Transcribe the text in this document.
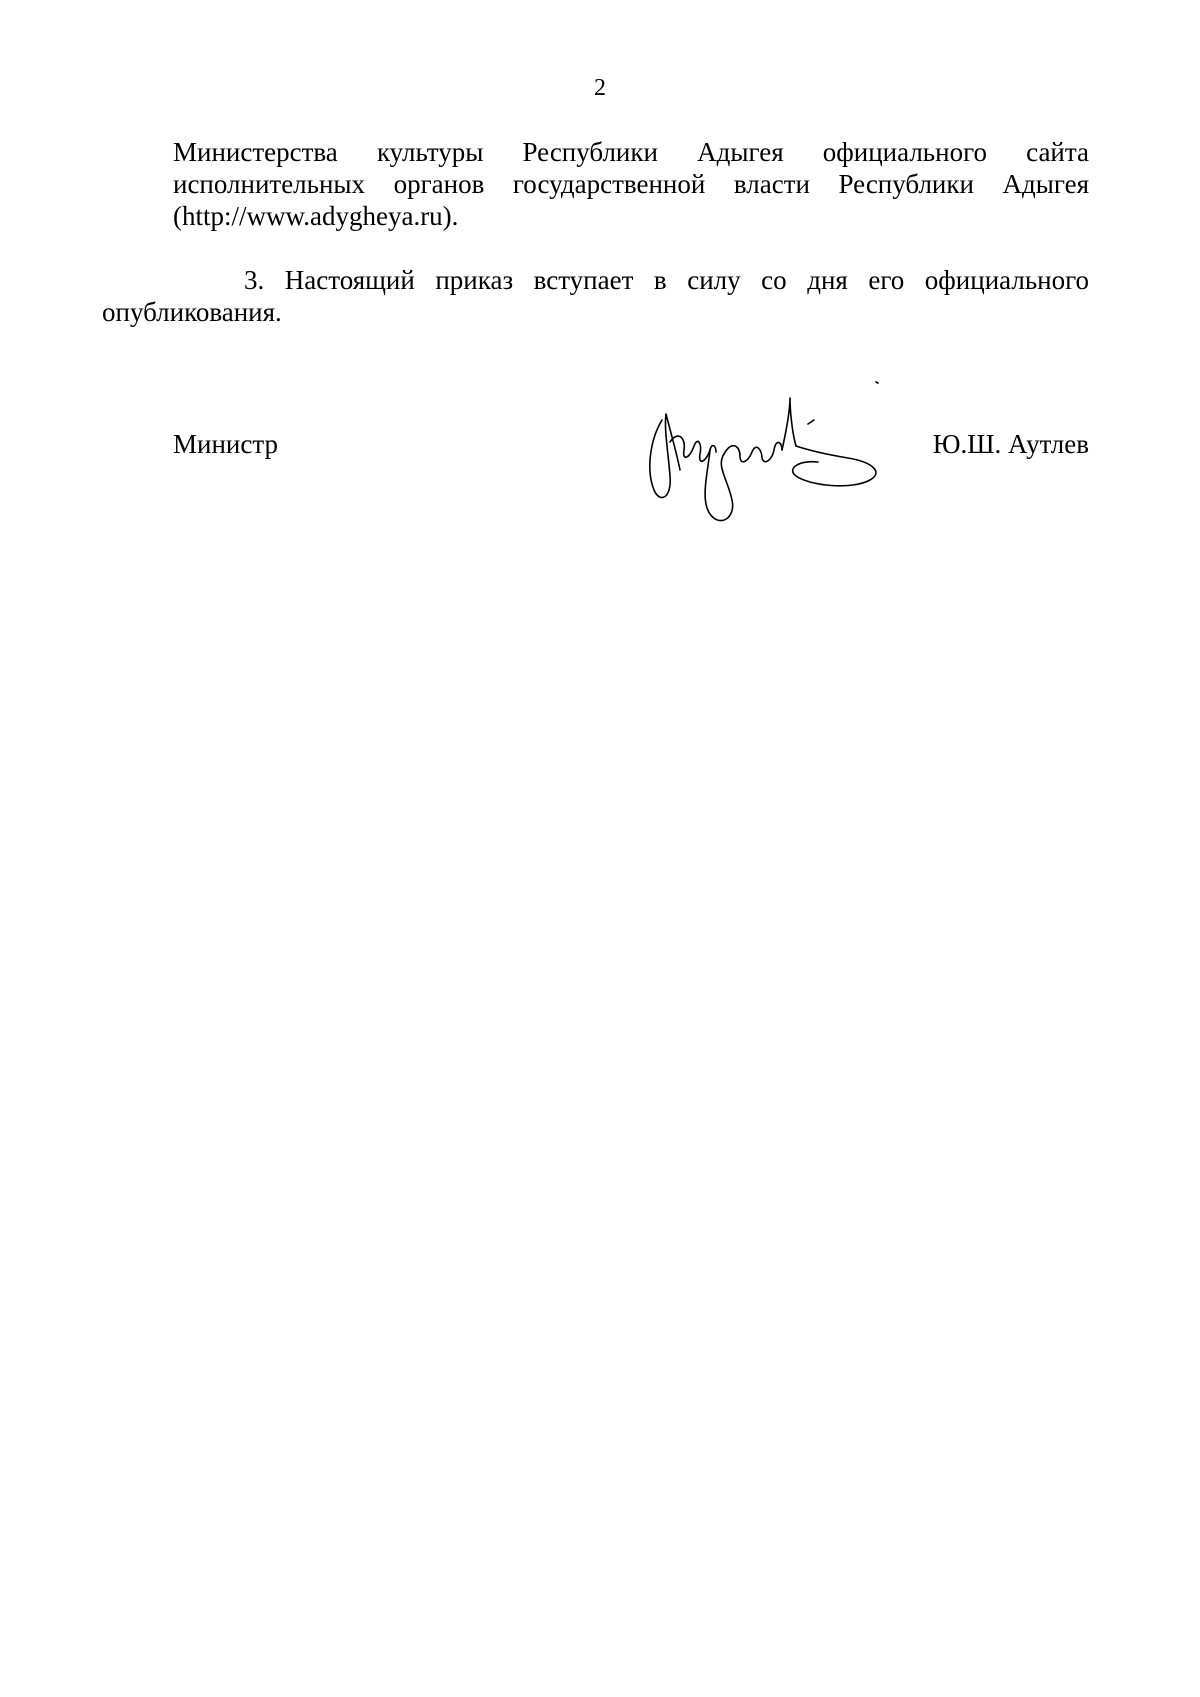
2
Министерства культуры Республики Адыгея официального сайта
исполнительных органов государственной власти Республики Адыгея
(http://www.adygheya.ru).
3. Настоящий приказ вступает в силу со дня его официального
опубликования.
Министр	Ю.Ш. Аутлев
